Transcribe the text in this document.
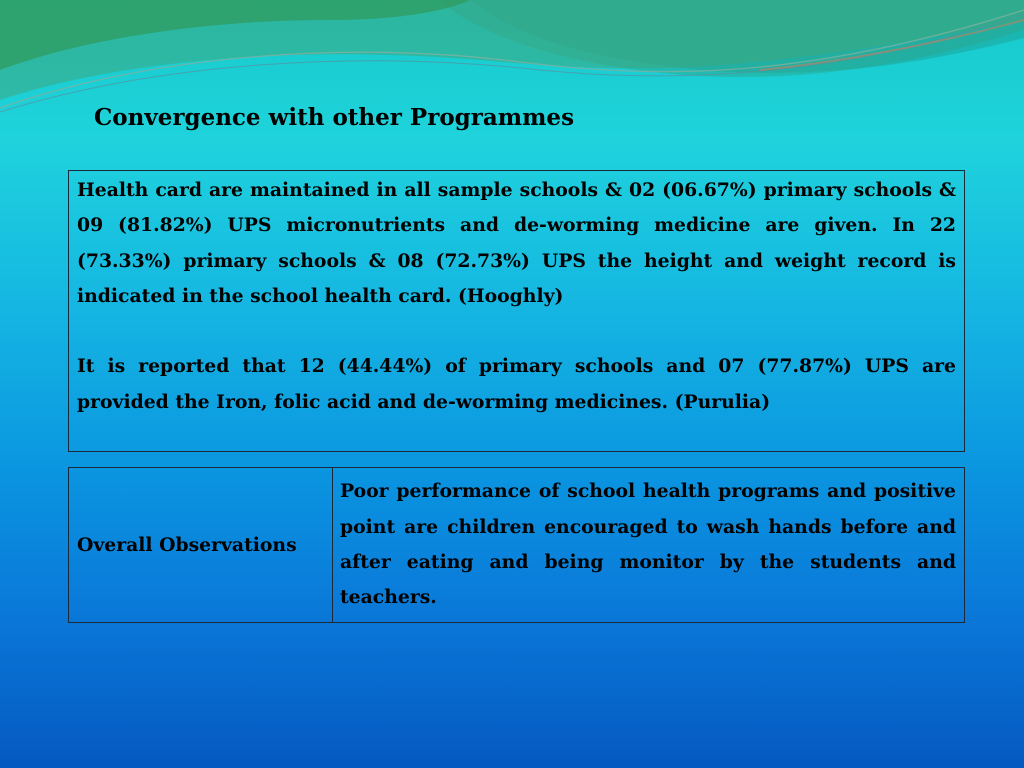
Convergence with other Programmes

Health card are maintained in all sample schools & 02 (06.67%) primary schools & 09 (81.82%) UPS micronutrients and de-worming medicine are given. In 22 (73.33%) primary schools & 08 (72.73%) UPS the height and weight record is indicated in the school health card. (Hooghly)

It is reported that 12 (44.44%) of primary schools and 07 (77.87%) UPS are provided the Iron, folic acid and de-worming medicines. (Purulia)

Overall Observations	Poor performance of school health programs and positive point are children encouraged to wash hands before and after eating and being monitor by the students and teachers.
